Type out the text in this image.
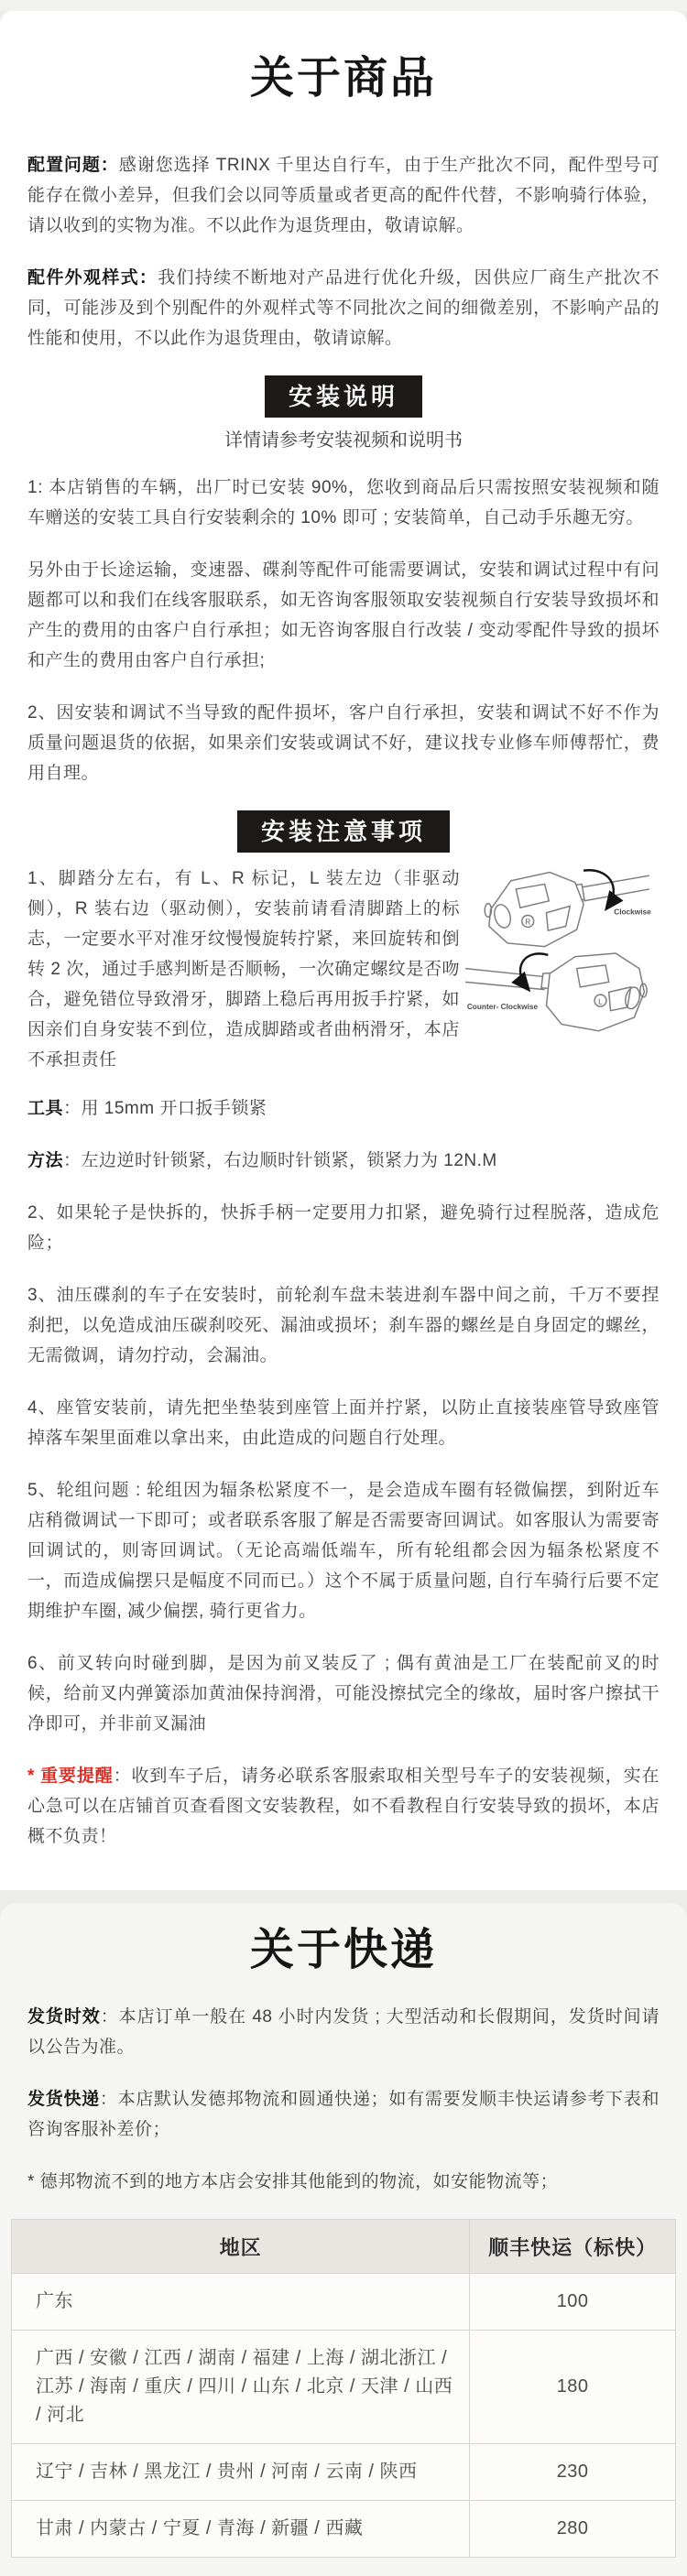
关于商品

配置问题：感谢您选择 TRINX 千里达自行车，由于生产批次不同，配件型号可能存在微小差异，但我们会以同等质量或者更高的配件代替，不影响骑行体验，请以收到的实物为准。不以此作为退货理由，敬请谅解。

配件外观样式：我们持续不断地对产品进行优化升级，因供应厂商生产批次不同，可能涉及到个别配件的外观样式等不同批次之间的细微差别，不影响产品的性能和使用，不以此作为退货理由，敬请谅解。

安装说明

详情请参考安装视频和说明书

1: 本店销售的车辆，出厂时已安装 90%，您收到商品后只需按照安装视频和随车赠送的安装工具自行安装剩余的 10% 即可 ; 安装简单，自己动手乐趣无穷。

另外由于长途运输，变速器、碟刹等配件可能需要调试，安装和调试过程中有问题都可以和我们在线客服联系，如无咨询客服领取安装视频自行安装导致损坏和产生的费用的由客户自行承担；如无咨询客服自行改装 / 变动零配件导致的损坏和产生的费用由客户自行承担;

2、因安装和调试不当导致的配件损坏，客户自行承担，安装和调试不好不作为质量问题退货的依据，如果亲们安装或调试不好，建议找专业修车师傅帮忙，费用自理。

安装注意事项

1、脚踏分左右，有 L、R 标记，L 装左边（非驱动侧），R 装右边（驱动侧），安装前请看清脚踏上的标志，一定要水平对准牙纹慢慢旋转拧紧，来回旋转和倒转 2 次，通过手感判断是否顺畅，一次确定螺纹是否吻合，避免错位导致滑牙，脚踏上稳后再用扳手拧紧，如因亲们自身安装不到位，造成脚踏或者曲柄滑牙，本店不承担责任

R
Clockwise
L
Counter- Clockwise

工具：用 15mm 开口扳手锁紧

方法：左边逆时针锁紧，右边顺时针锁紧，锁紧力为 12N.M

2、如果轮子是快拆的，快拆手柄一定要用力扣紧，避免骑行过程脱落，造成危险；

3、油压碟刹的车子在安装时，前轮刹车盘未装进刹车器中间之前，千万不要捏刹把，以免造成油压碳刹咬死、漏油或损坏；刹车器的螺丝是自身固定的螺丝，无需微调，请勿拧动，会漏油。

4、座管安装前，请先把坐垫装到座管上面并拧紧，以防止直接装座管导致座管掉落车架里面难以拿出来，由此造成的问题自行处理。

5、轮组问题 : 轮组因为辐条松紧度不一，是会造成车圈有轻微偏摆，到附近车店稍微调试一下即可；或者联系客服了解是否需要寄回调试。如客服认为需要寄回调试的，则寄回调试。（无论高端低端车，所有轮组都会因为辐条松紧度不一，而造成偏摆只是幅度不同而已。）这个不属于质量问题, 自行车骑行后要不定期维护车圈, 减少偏摆, 骑行更省力。

6、前叉转向时碰到脚，是因为前叉装反了 ; 偶有黄油是工厂在装配前叉的时候，给前叉内弹簧添加黄油保持润滑，可能没擦拭完全的缘故，届时客户擦拭干净即可，并非前叉漏油

* 重要提醒：收到车子后，请务必联系客服索取相关型号车子的安装视频，实在心急可以在店铺首页查看图文安装教程，如不看教程自行安装导致的损坏，本店概不负责！

关于快递

发货时效：本店订单一般在 48 小时内发货 ; 大型活动和长假期间，发货时间请以公告为准。

发货快递：本店默认发德邦物流和圆通快递；如有需要发顺丰快运请参考下表和咨询客服补差价；

* 德邦物流不到的地方本店会安排其他能到的物流，如安能物流等；

地区	顺丰快运（标快）
广东	100
广西 / 安徽 / 江西 / 湖南 / 福建 / 上海 / 湖北浙江 / 江苏 / 海南 / 重庆 / 四川 / 山东 / 北京 / 天津 / 山西 / 河北	180
辽宁 / 吉林 / 黑龙江 / 贵州 / 河南 / 云南 / 陕西	230
甘肃 / 内蒙古 / 宁夏 / 青海 / 新疆 / 西藏	280
